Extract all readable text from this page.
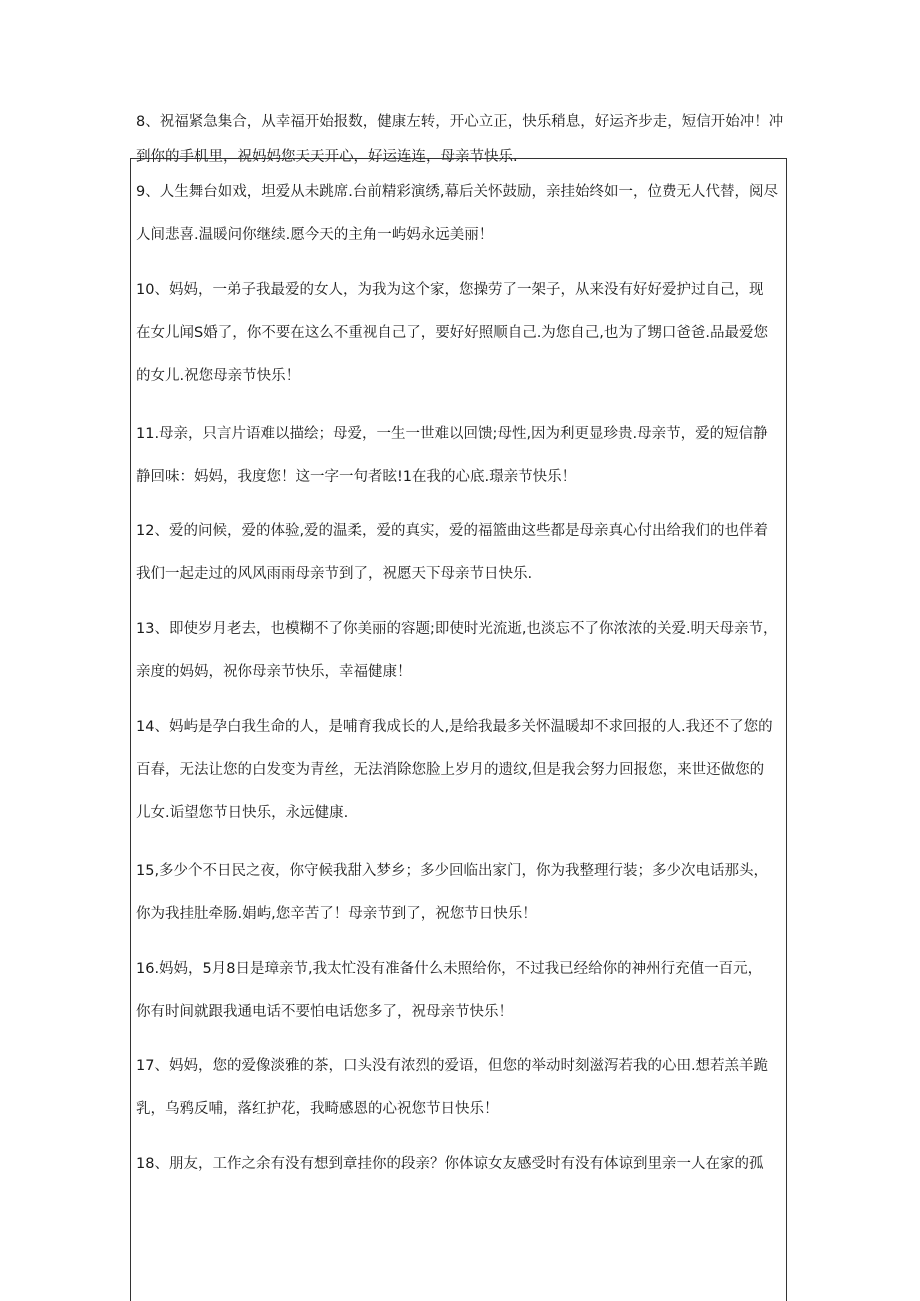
8、祝福紧急集合，从幸福开始报数，健康左转，开心立正，快乐稍息，好运齐步走，短信开始冲！冲
到你的手机里，祝妈妈您天天开心，好运连连，母亲节快乐.

9、人生舞台如戏，坦爱从未跳席.台前精彩演绣,幕后关怀鼓励，亲挂始终如一，位费无人代替，阅尽
人间悲喜.温暖问你继续.愿今天的主角一屿妈永远美丽！

10、妈妈，一弟子我最爱的女人，为我为这个家，您操劳了一架子，从来没有好好爱护过自己，现
在女儿闻S婚了，你不要在这么不重视自己了，要好好照顺自己.为您自己,也为了甥口爸爸.品最爱您
的女儿.祝您母亲节快乐！

11.母亲，只言片语难以描绘；母爱，一生一世难以回馈;母性,因为利更显珍贵.母亲节，爱的短信静
静回味：妈妈，我度您！这一字一句者眩!1在我的心底.璟亲节快乐！

12、爱的问候，爱的体验,爱的温柔，爱的真实，爱的福篮曲这些都是母亲真心付出给我们的也伴着
我们一起走过的风风雨雨母亲节到了，祝愿天下母亲节日快乐.

13、即使岁月老去，也模糊不了你美丽的容题;即使时光流逝,也淡忘不了你浓浓的关爱.明天母亲节，
亲度的妈妈，祝你母亲节快乐，幸福健康！

14、妈屿是孕白我生命的人，是哺育我成长的人,是给我最多关怀温暖却不求回报的人.我还不了您的
百春，无法让您的白发变为青丝，无法消除您脸上岁月的遗纹,但是我会努力回报您，来世还做您的
儿女.诟望您节日快乐，永远健康.

15,多少个不日民之夜，你守候我甜入梦乡；多少回临出家门，你为我整理行装；多少次电话那头，
你为我挂肚牵肠.娟屿,您辛苦了！母亲节到了，祝您节日快乐！

16.妈妈，5月8日是璋亲节,我太忙没有准备什么未照给你，不过我已经给你的神州行充值一百元，
你有时间就跟我通电话不要怕电话您多了，祝母亲节快乐！

17、妈妈，您的爱像淡雅的茶，口头没有浓烈的爱语，但您的举动时刻滋泻若我的心田.想若羔羊跪
乳，乌鸦反哺，落红护花，我畸感恩的心祝您节日快乐！

18、朋友，工作之余有没有想到章挂你的段亲？你体谅女友感受时有没有体谅到里亲一人在家的孤
